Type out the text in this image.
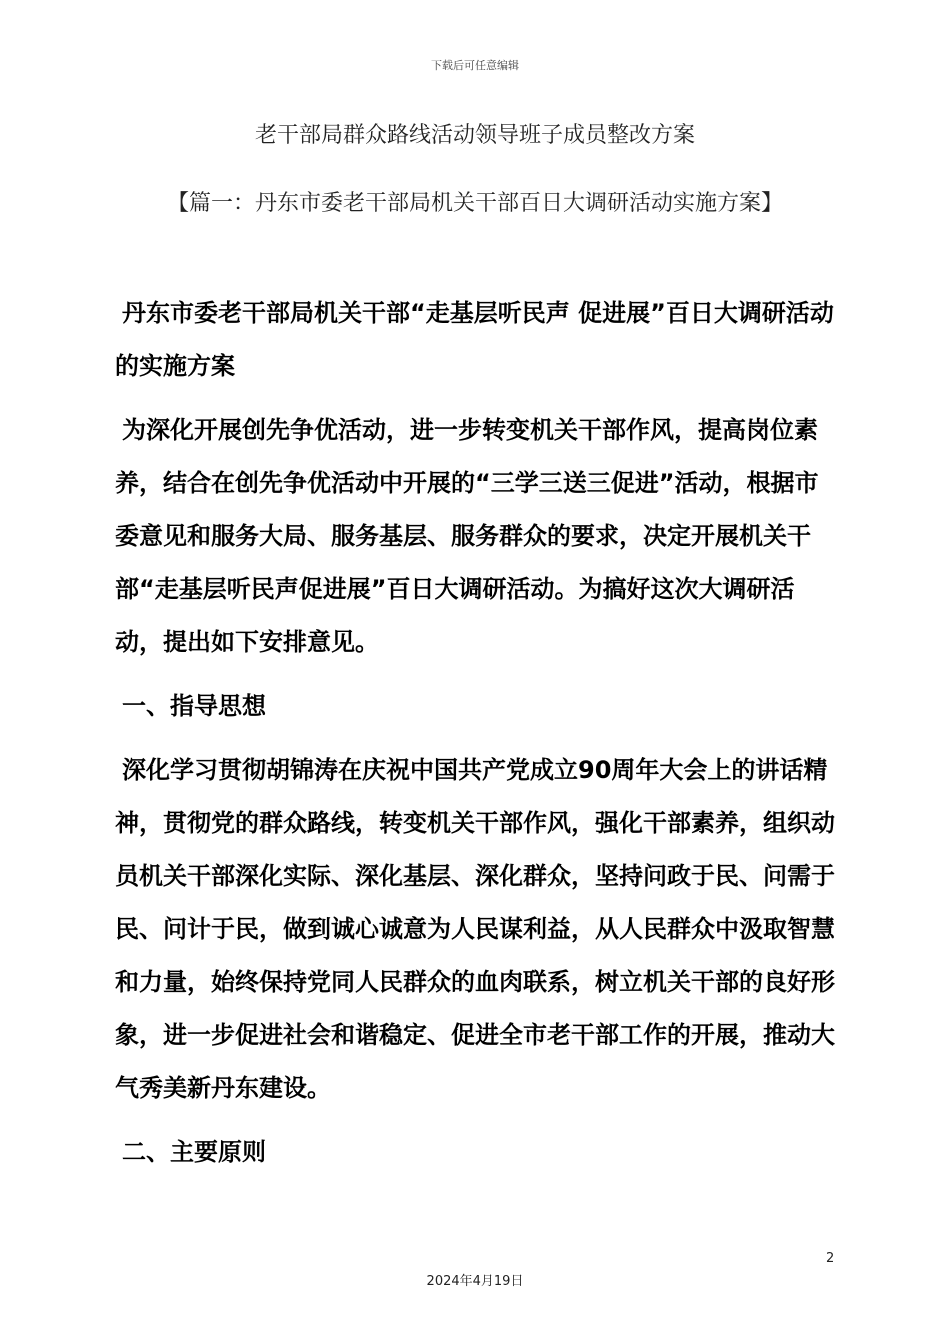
下载后可任意编辑
老干部局群众路线活动领导班子成员整改方案
【篇一：丹东市委老干部局机关干部百日大调研活动实施方案】

丹东市委老干部局机关干部“走基层听民声 促进展”百日大调研活动的实施方案

为深化开展创先争优活动，进一步转变机关干部作风，提高岗位素养，结合在创先争优活动中开展的“三学三送三促进”活动，根据市委意见和服务大局、服务基层、服务群众的要求，决定开展机关干部“走基层听民声促进展”百日大调研活动。为搞好这次大调研活动，提出如下安排意见。

一、指导思想

深化学习贯彻胡锦涛在庆祝中国共产党成立90周年大会上的讲话精神，贯彻党的群众路线，转变机关干部作风，强化干部素养，组织动员机关干部深化实际、深化基层、深化群众，坚持问政于民、问需于民、问计于民，做到诚心诚意为人民谋利益，从人民群众中汲取智慧和力量，始终保持党同人民群众的血肉联系，树立机关干部的良好形象，进一步促进社会和谐稳定、促进全市老干部工作的开展，推动大气秀美新丹东建设。

二、主要原则

2
2024年4月19日
